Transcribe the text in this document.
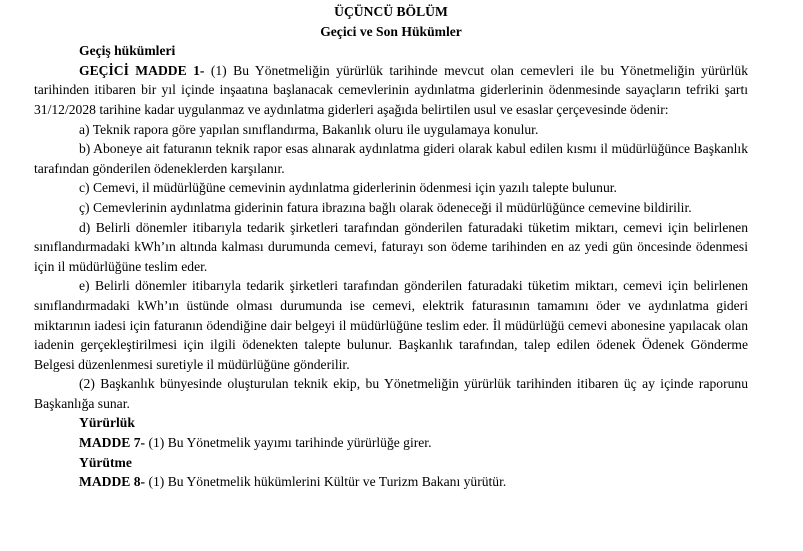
ÜÇÜNCÜ BÖLÜM

Geçici ve Son Hükümler

Geçiş hükümleri

GEÇİCİ MADDE 1- (1) Bu Yönetmeliğin yürürlük tarihinde mevcut olan cemevleri ile bu Yönetmeliğin yürürlük tarihinden itibaren bir yıl içinde inşaatına başlanacak cemevlerinin aydınlatma giderlerinin ödenmesinde sayaçların tefriki şartı 31/12/2028 tarihine kadar uygulanmaz ve aydınlatma giderleri aşağıda belirtilen usul ve esaslar çerçevesinde ödenir:

a) Teknik rapora göre yapılan sınıflandırma, Bakanlık oluru ile uygulamaya konulur.

b) Aboneye ait faturanın teknik rapor esas alınarak aydınlatma gideri olarak kabul edilen kısmı il müdürlüğünce Başkanlık tarafından gönderilen ödeneklerden karşılanır.

c) Cemevi, il müdürlüğüne cemevinin aydınlatma giderlerinin ödenmesi için yazılı talepte bulunur.

ç) Cemevlerinin aydınlatma giderinin fatura ibrazına bağlı olarak ödeneceği il müdürlüğünce cemevine bildirilir.

d) Belirli dönemler itibarıyla tedarik şirketleri tarafından gönderilen faturadaki tüketim miktarı, cemevi için belirlenen sınıflandırmadaki kWh’ın altında kalması durumunda cemevi, faturayı son ödeme tarihinden en az yedi gün öncesinde ödenmesi için il müdürlüğüne teslim eder.

e) Belirli dönemler itibarıyla tedarik şirketleri tarafından gönderilen faturadaki tüketim miktarı, cemevi için belirlenen sınıflandırmadaki kWh’ın üstünde olması durumunda ise cemevi, elektrik faturasının tamamını öder ve aydınlatma gideri miktarının iadesi için faturanın ödendiğine dair belgeyi il müdürlüğüne teslim eder. İl müdürlüğü cemevi abonesine yapılacak olan iadenin gerçekleştirilmesi için ilgili ödenekten talepte bulunur. Başkanlık tarafından, talep edilen ödenek Ödenek Gönderme Belgesi düzenlenmesi suretiyle il müdürlüğüne gönderilir.

(2) Başkanlık bünyesinde oluşturulan teknik ekip, bu Yönetmeliğin yürürlük tarihinden itibaren üç ay içinde raporunu Başkanlığa sunar.

Yürürlük

MADDE 7- (1) Bu Yönetmelik yayımı tarihinde yürürlüğe girer.

Yürütme

MADDE 8- (1) Bu Yönetmelik hükümlerini Kültür ve Turizm Bakanı yürütür.
